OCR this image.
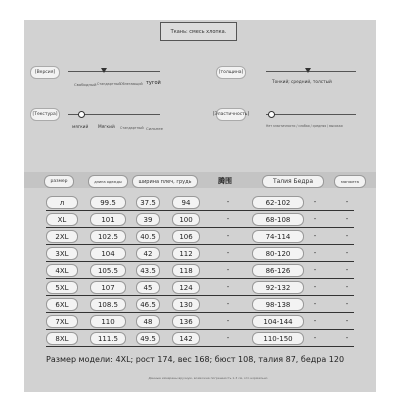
Ткань: смесь хлопка.
[Версия]
Свободный Стандартный Облегающий тугой
[толщина]
Тонкий; средний, толстый
[Текстура]
мягкий Мягкий Стандартный Сильнее
[Эластичность]
Нет эластичности / слабая / средняя / высокая
размер	длина одежды	ширина плеч, грудь	腾围	Талия Бедра	манжета
л	99.5	37.5	94	-	62-102	-	-
XL	101	39	100	-	68-108	-	-
2XL	102.5	40.5	106	-	74-114	-	-
3XL	104	42	112	-	80-120	-	-
4XL	105.5	43.5	118	-	86-126	-	-
5XL	107	45	124	-	92-132	-	-
6XL	108.5	46.5	130	-	98-138	-	-
7XL	110	48	136	-	104-144	-	-
8XL	111.5	49.5	142	-	110-150	-	-
Размер модели: 4XL; рост 174, вес 168; бюст 108, талия 87, бедра 120
Данные измерены вручную, возможна погрешность 1-3 см, это нормально
